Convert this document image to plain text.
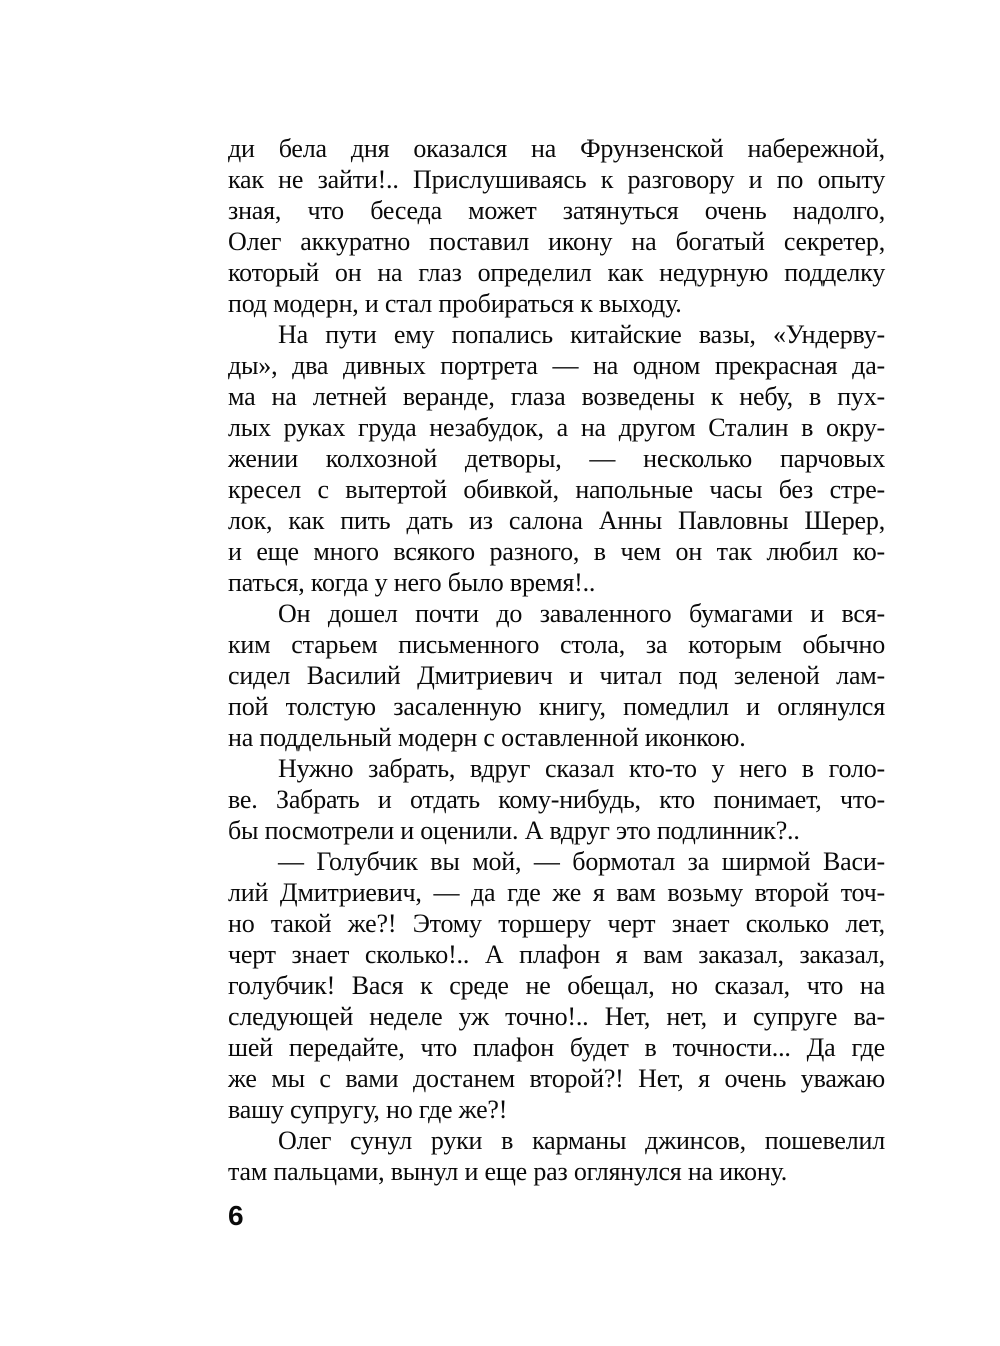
ди бела дня оказался на Фрунзенской набережной,
как не зайти!.. Прислушиваясь к разговору и по опыту
зная, что беседа может затянуться очень надолго,
Олег аккуратно поставил икону на богатый секретер,
который он на глаз определил как недурную подделку
под модерн, и стал пробираться к выходу.
На пути ему попались китайские вазы, «Ундерву-
ды», два дивных портрета — на одном прекрасная да-
ма на летней веранде, глаза возведены к небу, в пух-
лых руках груда незабудок, а на другом Сталин в окру-
жении колхозной детворы, — несколько парчовых
кресел с вытертой обивкой, напольные часы без стре-
лок, как пить дать из салона Анны Павловны Шерер,
и еще много всякого разного, в чем он так любил ко-
паться, когда у него было время!..
Он дошел почти до заваленного бумагами и вся-
ким старьем письменного стола, за которым обычно
сидел Василий Дмитриевич и читал под зеленой лам-
пой толстую засаленную книгу, помедлил и оглянулся
на поддельный модерн с оставленной иконкою.
Нужно забрать, вдруг сказал кто-то у него в голо-
ве. Забрать и отдать кому-нибудь, кто понимает, что-
бы посмотрели и оценили. А вдруг это подлинник?..
— Голубчик вы мой, — бормотал за ширмой Васи-
лий Дмитриевич, — да где же я вам возьму второй точ-
но такой же?! Этому торшеру черт знает сколько лет,
черт знает сколько!.. А плафон я вам заказал, заказал,
голубчик! Вася к среде не обещал, но сказал, что на
следующей неделе уж точно!.. Нет, нет, и супруге ва-
шей передайте, что плафон будет в точности... Да где
же мы с вами достанем второй?! Нет, я очень уважаю
вашу супругу, но где же?!
Олег сунул руки в карманы джинсов, пошевелил
там пальцами, вынул и еще раз оглянулся на икону.
6
